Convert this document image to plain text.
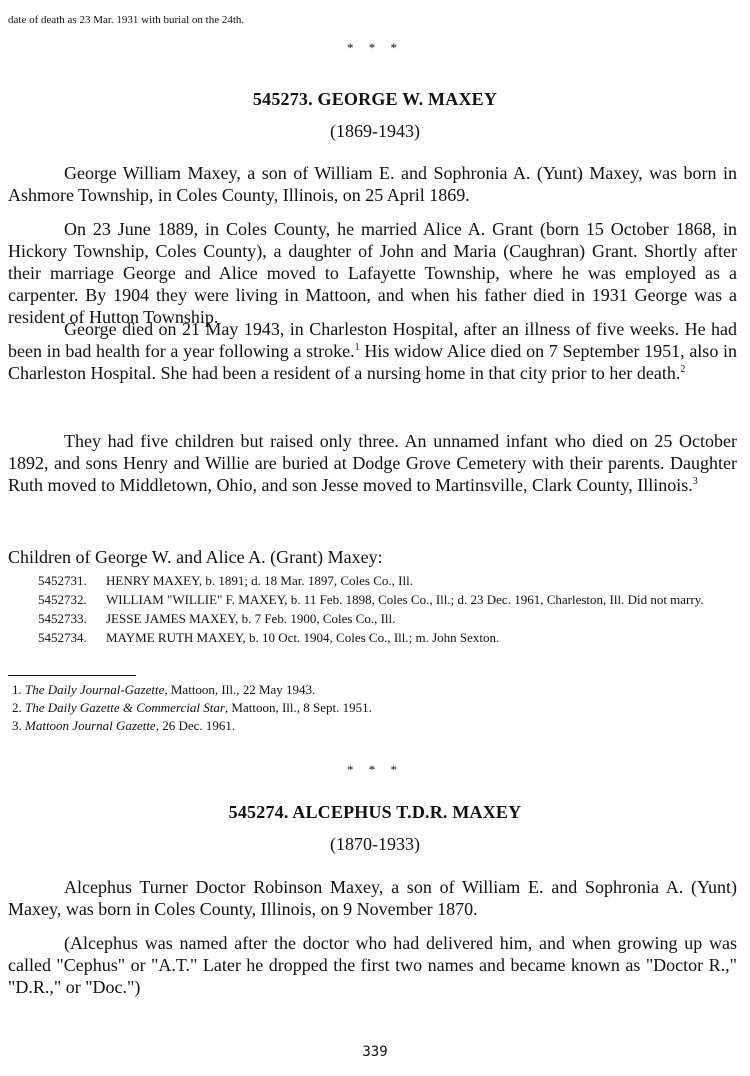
date of death as 23 Mar. 1931 with burial on the 24th.

* * *

545273. GEORGE W. MAXEY

(1869-1943)

George William Maxey, a son of William E. and Sophronia A. (Yunt) Maxey, was born in Ashmore Township, in Coles County, Illinois, on 25 April 1869.

On 23 June 1889, in Coles County, he married Alice A. Grant (born 15 October 1868, in Hickory Township, Coles County), a daughter of John and Maria (Caughran) Grant. Shortly after their marriage George and Alice moved to Lafayette Township, where he was employed as a carpenter. By 1904 they were living in Mattoon, and when his father died in 1931 George was a resident of Hutton Township.

George died on 21 May 1943, in Charleston Hospital, after an illness of five weeks. He had been in bad health for a year following a stroke.$^1$ His widow Alice died on 7 September 1951, also in Charleston Hospital. She had been a resident of a nursing home in that city prior to her death.$^2$

They had five children but raised only three. An unnamed infant who died on 25 October 1892, and sons Henry and Willie are buried at Dodge Grove Cemetery with their parents. Daughter Ruth moved to Middletown, Ohio, and son Jesse moved to Martinsville, Clark County, Illinois.$^3$

Children of George W. and Alice A. (Grant) Maxey:

5452731.	HENRY MAXEY, b. 1891; d. 18 Mar. 1897, Coles Co., Ill.
5452732.	WILLIAM "WILLIE" F. MAXEY, b. 11 Feb. 1898, Coles Co., Ill.; d. 23 Dec. 1961, Charleston, Ill. Did not marry.
5452733.	JESSE JAMES MAXEY, b. 7 Feb. 1900, Coles Co., Ill.
5452734.	MAYME RUTH MAXEY, b. 10 Oct. 1904, Coles Co., Ill.; m. John Sexton.
1. The Daily Journal-Gazette, Mattoon, Ill., 22 May 1943.
2. The Daily Gazette & Commercial Star, Mattoon, Ill., 8 Sept. 1951.
3. Mattoon Journal Gazette, 26 Dec. 1961.

* * *

545274. ALCEPHUS T.D.R. MAXEY

(1870-1933)

Alcephus Turner Doctor Robinson Maxey, a son of William E. and Sophronia A. (Yunt) Maxey, was born in Coles County, Illinois, on 9 November 1870.

(Alcephus was named after the doctor who had delivered him, and when growing up was called "Cephus" or "A.T." Later he dropped the first two names and became known as "Doctor R.," "D.R.," or "Doc.")

339
